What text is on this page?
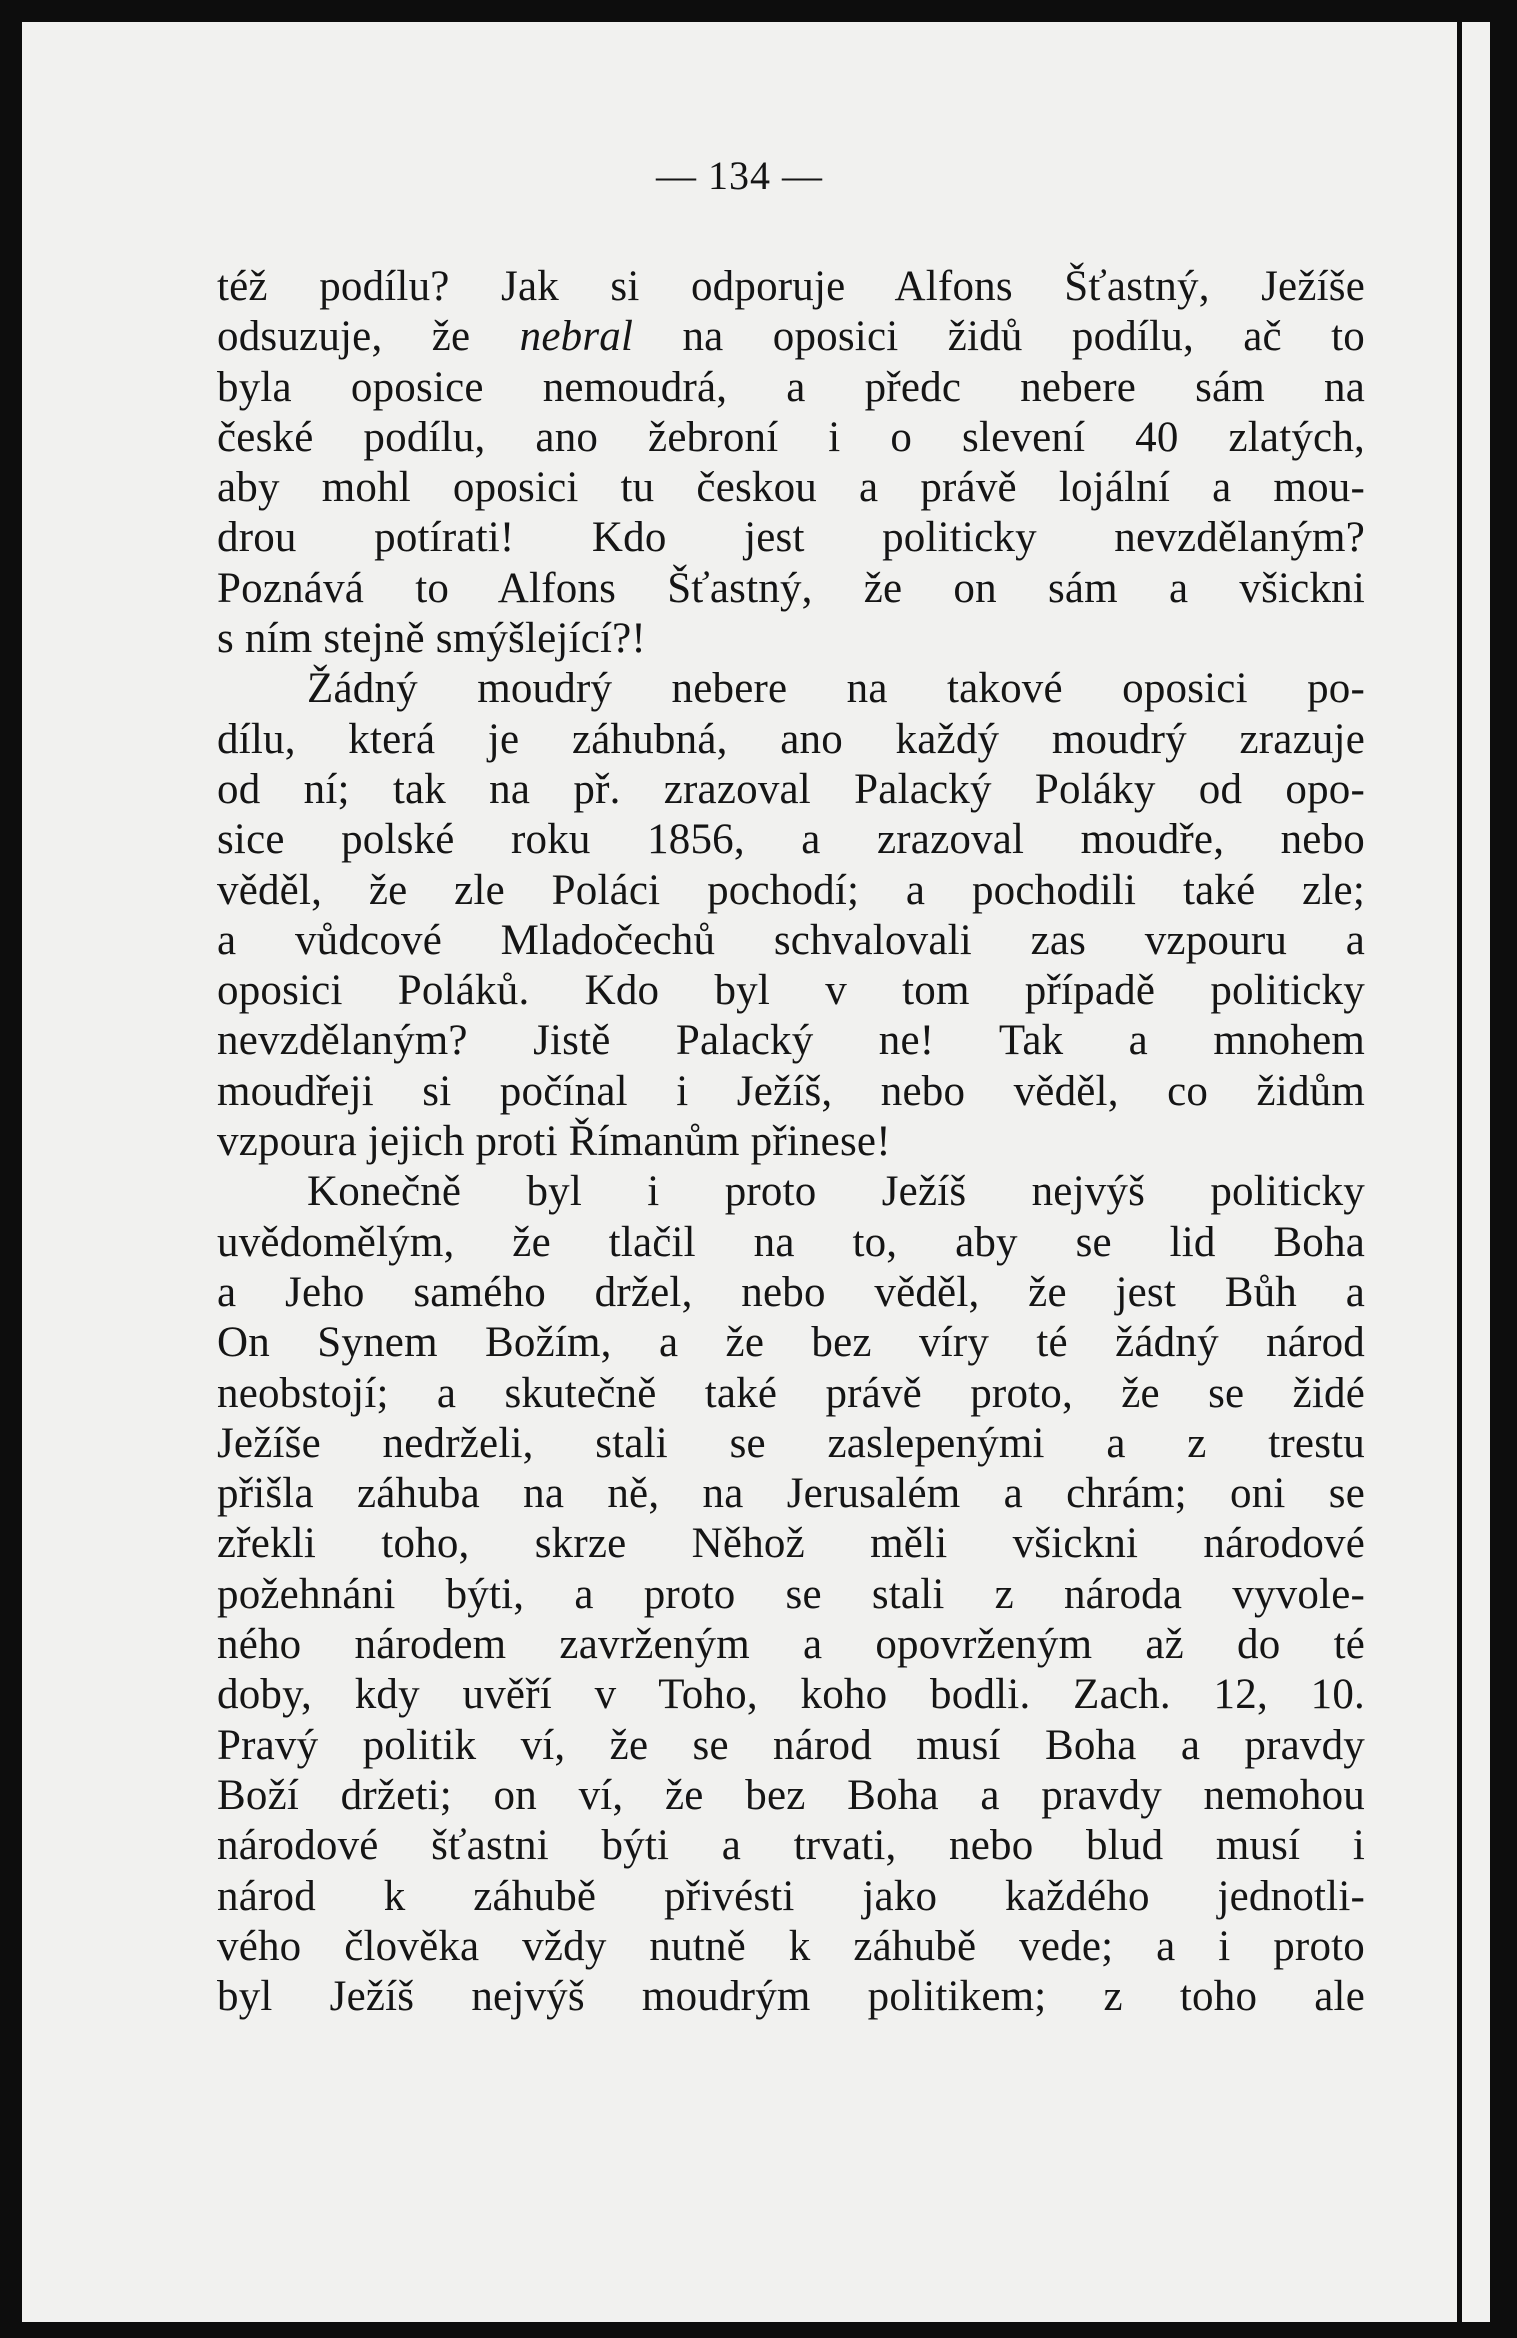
— 134 —
též podílu? Jak si odporuje Alfons Šťastný, Ježíše
odsuzuje, že nebral na oposici židů podílu, ač to
byla oposice nemoudrá, a předc nebere sám na
české podílu, ano žebroní i o slevení 40 zlatých,
aby mohl oposici tu českou a právě lojální a mou-
drou potírati! Kdo jest politicky nevzdělaným?
Poznává to Alfons Šťastný, že on sám a všickni
s ním stejně smýšlející?!
Žádný moudrý nebere na takové oposici po-
dílu, která je záhubná, ano každý moudrý zrazuje
od ní; tak na př. zrazoval Palacký Poláky od opo-
sice polské roku 1856, a zrazoval moudře, nebo
věděl, že zle Poláci pochodí; a pochodili také zle;
a vůdcové Mladočechů schvalovali zas vzpouru a
oposici Poláků. Kdo byl v tom případě politicky
nevzdělaným? Jistě Palacký ne! Tak a mnohem
moudřeji si počínal i Ježíš, nebo věděl, co židům
vzpoura jejich proti Římanům přinese!
Konečně byl i proto Ježíš nejvýš politicky
uvědomělým, že tlačil na to, aby se lid Boha
a Jeho samého držel, nebo věděl, že jest Bůh a
On Synem Božím, a že bez víry té žádný národ
neobstojí; a skutečně také právě proto, že se židé
Ježíše nedrželi, stali se zaslepenými a z trestu
přišla záhuba na ně, na Jerusalém a chrám; oni se
zřekli toho, skrze Něhož měli všickni národové
požehnáni býti, a proto se stali z národa vyvole-
ného národem zavrženým a opovrženým až do té
doby, kdy uvěří v Toho, koho bodli. Zach. 12, 10.
Pravý politik ví, že se národ musí Boha a pravdy
Boží držeti; on ví, že bez Boha a pravdy nemohou
národové šťastni býti a trvati, nebo blud musí i
národ k záhubě přivésti jako každého jednotli-
vého člověka vždy nutně k záhubě vede; a i proto
byl Ježíš nejvýš moudrým politikem; z toho ale
